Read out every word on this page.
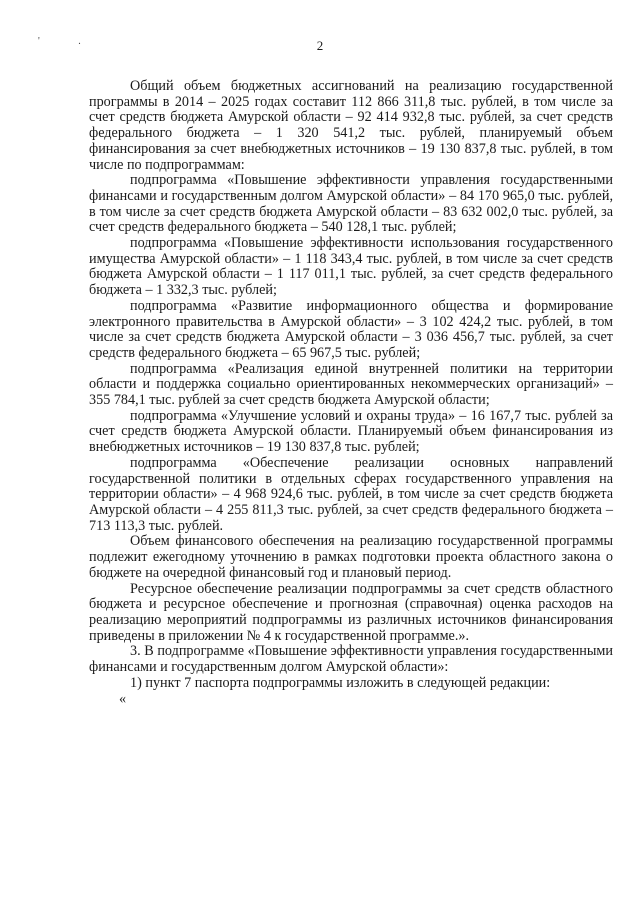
' .	2

Общий объем бюджетных ассигнований на реализацию государственной программы в 2014 – 2025 годах составит 112 866 311,8 тыс. рублей, в том числе за счет средств бюджета Амурской области – 92 414 932,8 тыс. рублей, за счет средств федерального бюджета – 1 320 541,2 тыс. рублей, планируемый объем финансирования за счет внебюджетных источников – 19 130 837,8 тыс. рублей, в том числе по подпрограммам:

подпрограмма «Повышение эффективности управления государственными финансами и государственным долгом Амурской области» – 84 170 965,0 тыс. рублей, в том числе за счет средств бюджета Амурской области – 83 632 002,0 тыс. рублей, за счет средств федерального бюджета – 540 128,1 тыс. рублей;

подпрограмма «Повышение эффективности использования государственного имущества Амурской области» – 1 118 343,4 тыс. рублей, в том числе за счет средств бюджета Амурской области – 1 117 011,1 тыс. рублей, за счет средств федерального бюджета – 1 332,3 тыс. рублей;

подпрограмма «Развитие информационного общества и формирование электронного правительства в Амурской области» – 3 102 424,2 тыс. рублей, в том числе за счет средств бюджета Амурской области – 3 036 456,7 тыс. рублей, за счет средств федерального бюджета – 65 967,5 тыс. рублей;

подпрограмма «Реализация единой внутренней политики на территории области и поддержка социально ориентированных некоммерческих организаций» – 355 784,1 тыс. рублей за счет средств бюджета Амурской области;

подпрограмма «Улучшение условий и охраны труда» – 16 167,7 тыс. рублей за счет средств бюджета Амурской области. Планируемый объем финансирования из внебюджетных источников – 19 130 837,8 тыс. рублей;

подпрограмма «Обеспечение реализации основных направлений государственной политики в отдельных сферах государственного управления на территории области» – 4 968 924,6 тыс. рублей, в том числе за счет средств бюджета Амурской области – 4 255 811,3 тыс. рублей, за счет средств федерального бюджета – 713 113,3 тыс. рублей.

Объем финансового обеспечения на реализацию государственной программы подлежит ежегодному уточнению в рамках подготовки проекта областного закона о бюджете на очередной финансовый год и плановый период.

Ресурсное обеспечение реализации подпрограммы за счет средств областного бюджета и ресурсное обеспечение и прогнозная (справочная) оценка расходов на реализацию мероприятий подпрограммы из различных источников финансирования приведены в приложении № 4 к государственной программе.».

3. В подпрограмме «Повышение эффективности управления государственными финансами и государственным долгом Амурской области»:

1) пункт 7 паспорта подпрограммы изложить в следующей редакции:

«
